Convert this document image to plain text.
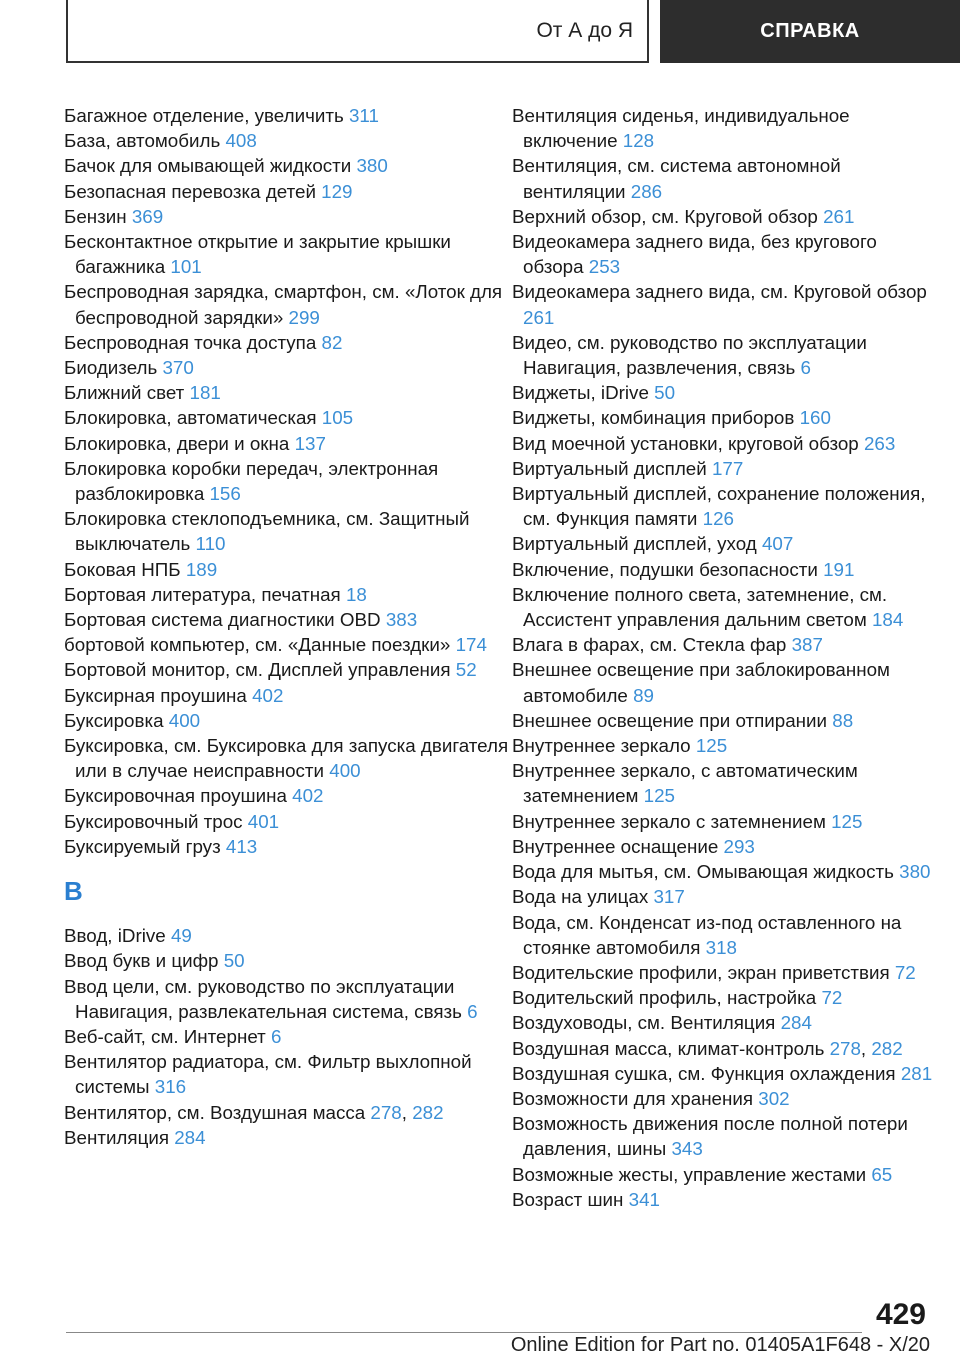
От А до Я	СПРАВКА
Багажное отделение, увеличить 311
База, автомобиль 408
Бачок для омывающей жидкости 380
Безопасная перевозка детей 129
Бензин 369
Бесконтактное открытие и закрытие крышки багажника 101
Беспроводная зарядка, смартфон, см. «Лоток для беспроводной зарядки» 299
Беспроводная точка доступа 82
Биодизель 370
Ближний свет 181
Блокировка, автоматическая 105
Блокировка, двери и окна 137
Блокировка коробки передач, электронная разблокировка 156
Блокировка стеклоподъемника, см. Защитный выключатель 110
Боковая НПБ 189
Бортовая литература, печатная 18
Бортовая система диагностики OBD 383
бортовой компьютер, см. «Данные поездки» 174
Бортовой монитор, см. Дисплей управления 52
Буксирная проушина 402
Буксировка 400
Буксировка, см. Буксировка для запуска двигателя или в случае неисправности 400
Буксировочная проушина 402
Буксировочный трос 401
Буксируемый груз 413
В
Ввод, iDrive 49
Ввод букв и цифр 50
Ввод цели, см. руководство по эксплуатации Навигация, развлекательная система, связь 6
Веб-сайт, см. Интернет 6
Вентилятор радиатора, см. Фильтр выхлопной системы 316
Вентилятор, см. Воздушная масса 278, 282
Вентиляция 284
Вентиляция сиденья, индивидуальное включение 128
Вентиляция, см. система автономной вентиляции 286
Верхний обзор, см. Круговой обзор 261
Видеокамера заднего вида, без кругового обзора 253
Видеокамера заднего вида, см. Круговой обзор 261
Видео, см. руководство по эксплуатации Навигация, развлечения, связь 6
Виджеты, iDrive 50
Виджеты, комбинация приборов 160
Вид моечной установки, круговой обзор 263
Виртуальный дисплей 177
Виртуальный дисплей, сохранение положения, см. Функция памяти 126
Виртуальный дисплей, уход 407
Включение, подушки безопасности 191
Включение полного света, затемнение, см. Ассистент управления дальним светом 184
Влага в фарах, см. Стекла фар 387
Внешнее освещение при заблокированном автомобиле 89
Внешнее освещение при отпирании 88
Внутреннее зеркало 125
Внутреннее зеркало, с автоматическим затемнением 125
Внутреннее зеркало с затемнением 125
Внутреннее оснащение 293
Вода для мытья, см. Омывающая жидкость 380
Вода на улицах 317
Вода, см. Конденсат из-под оставленного на стоянке автомобиля 318
Водительские профили, экран приветствия 72
Водительский профиль, настройка 72
Воздуховоды, см. Вентиляция 284
Воздушная масса, климат-контроль 278, 282
Воздушная сушка, см. Функция охлаждения 281
Возможности для хранения 302
Возможность движения после полной потери давления, шины 343
Возможные жесты, управление жестами 65
Возраст шин 341
429
Online Edition for Part no. 01405A1F648 - X/20
